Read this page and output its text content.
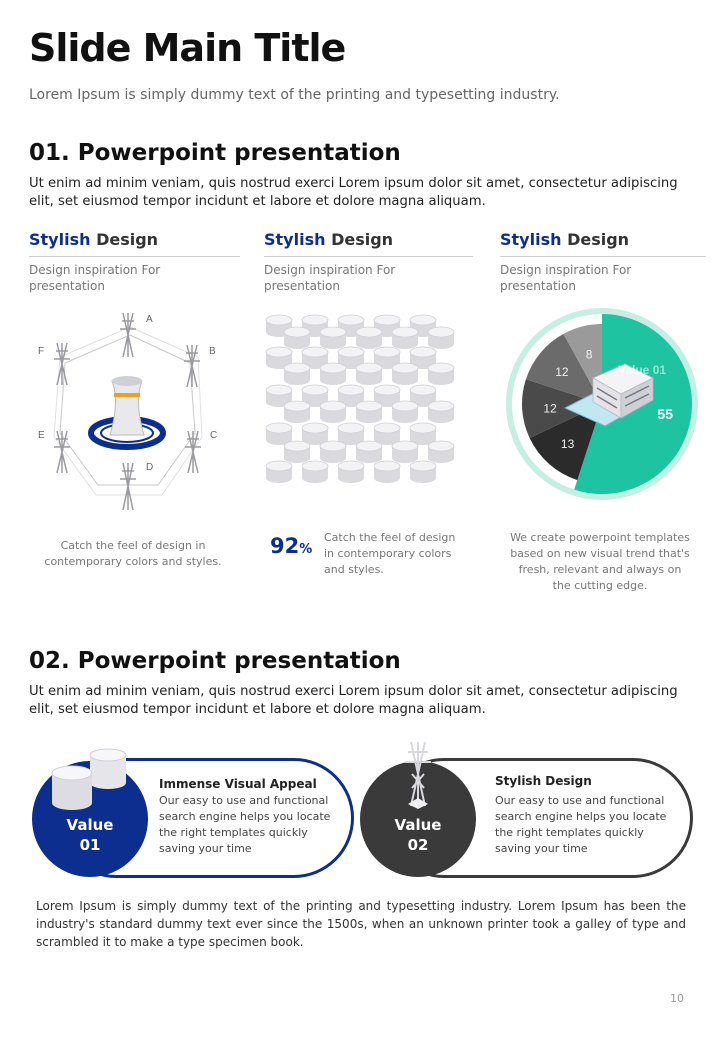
Slide Main Title
Lorem Ipsum is simply dummy text of the printing and typesetting industry.
01. Powerpoint presentation
Ut enim ad minim veniam, quis nostrud exerci Lorem ipsum dolor sit amet, consectetur adipiscing elit, set eiusmod tempor incidunt et labore et dolore magna aliquam.
Stylish Design
Design inspiration For presentation
A
B
C
D
E
F
Catch the feel of design in contemporary colors and styles.
Stylish Design
Design inspiration For presentation
92%
Catch the feel of design in contemporary colors and styles.
Stylish Design
Design inspiration For presentation
55
13
12
12
8
Value 01
We create powerpoint templates based on new visual trend that's fresh, relevant and always on the cutting edge.
02. Powerpoint presentation
Ut enim ad minim veniam, quis nostrud exerci Lorem ipsum dolor sit amet, consectetur adipiscing elit, set eiusmod tempor incidunt et labore et dolore magna aliquam.
Value
01
Immense Visual Appeal
Our easy to use and functional search engine helps you locate the right templates quickly saving your time
Value
02
Stylish Design
Our easy to use and functional search engine helps you locate the right templates quickly saving your time
Lorem Ipsum is simply dummy text of the printing and typesetting industry. Lorem Ipsum has been the industry's standard dummy text ever since the 1500s, when an unknown printer took a galley of type and scrambled it to make a type specimen book.
10
